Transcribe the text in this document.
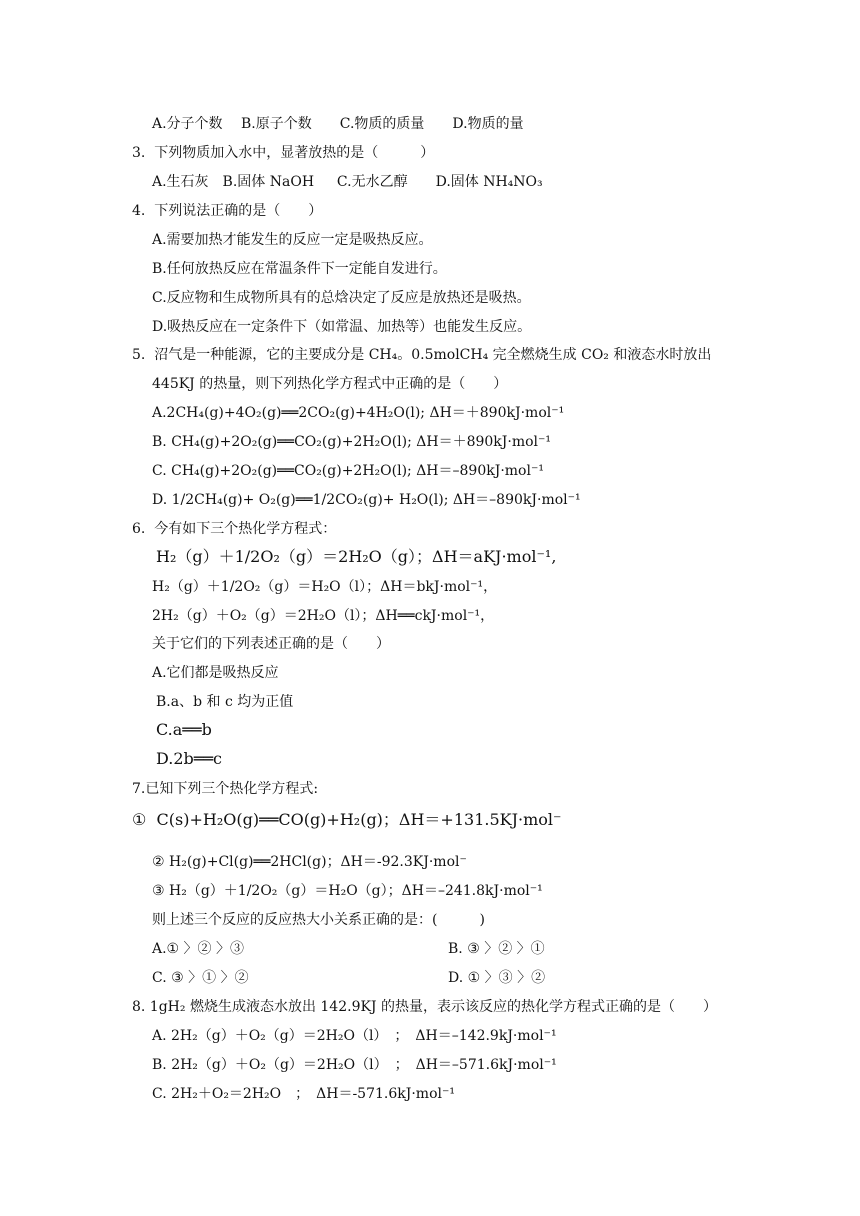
A.分子个数　 B.原子个数　　C.物质的质量　　D.物质的量
3.  下列物质加入水中，显著放热的是（　　　）
A.生石灰　B.固体 NaOH 　 C.无水乙醇　　D.固体 NH₄NO₃
4.  下列说法正确的是（　　）
A.需要加热才能发生的反应一定是吸热反应。
B.任何放热反应在常温条件下一定能自发进行。
C.反应物和生成物所具有的总焓决定了反应是放热还是吸热。
D.吸热反应在一定条件下（如常温、加热等）也能发生反应。
5.  沼气是一种能源，它的主要成分是 CH₄。0.5molCH₄ 完全燃烧生成 CO₂ 和液态水时放出
445KJ 的热量，则下列热化学方程式中正确的是（　　）
A.2CH₄(g)+4O₂(g)══2CO₂(g)+4H₂O(l); ΔH＝＋890kJ·mol⁻¹
B. CH₄(g)+2O₂(g)══CO₂(g)+2H₂O(l); ΔH＝＋890kJ·mol⁻¹
C. CH₄(g)+2O₂(g)══CO₂(g)+2H₂O(l); ΔH＝–890kJ·mol⁻¹
D. 1/2CH₄(g)+ O₂(g)══1/2CO₂(g)+ H₂O(l); ΔH＝–890kJ·mol⁻¹
6.  今有如下三个热化学方程式：
H₂（g）＋1/2O₂（g）＝2H₂O（g）；ΔH＝aKJ·mol⁻¹,
H₂（g）＋1/2O₂（g）＝H₂O（l）；ΔH＝bkJ·mol⁻¹，
2H₂（g）＋O₂（g）＝2H₂O（l）；ΔH══ckJ·mol⁻¹，
关于它们的下列表述正确的是（　　）
A.它们都是吸热反应
B.a、b 和 c 均为正值
C.a══b
D.2b══c
7.已知下列三个热化学方程式:
①  C(s)+H₂O(g)══CO(g)+H₂(g)；ΔH＝+131.5KJ·mol⁻
② H₂(g)+Cl(g)══2HCl(g)；ΔH＝-92.3KJ·mol⁻
③ H₂（g）＋1/2O₂（g）＝H₂O（g）；ΔH＝–241.8kJ·mol⁻¹
则上述三个反应的反应热大小关系正确的是：(　　　)
A.① 〉② 〉③	B. ③ 〉② 〉①
C. ③ 〉① 〉②	D. ① 〉③ 〉②
8. 1gH₂ 燃烧生成液态水放出 142.9KJ 的热量，表示该反应的热化学方程式正确的是（　　）
A. 2H₂（g）＋O₂（g）＝2H₂O（l）　；　ΔH＝–142.9kJ·mol⁻¹
B. 2H₂（g）＋O₂（g）＝2H₂O（l）　；　ΔH＝–571.6kJ·mol⁻¹
C. 2H₂＋O₂＝2H₂O　；　ΔH＝-571.6kJ·mol⁻¹
